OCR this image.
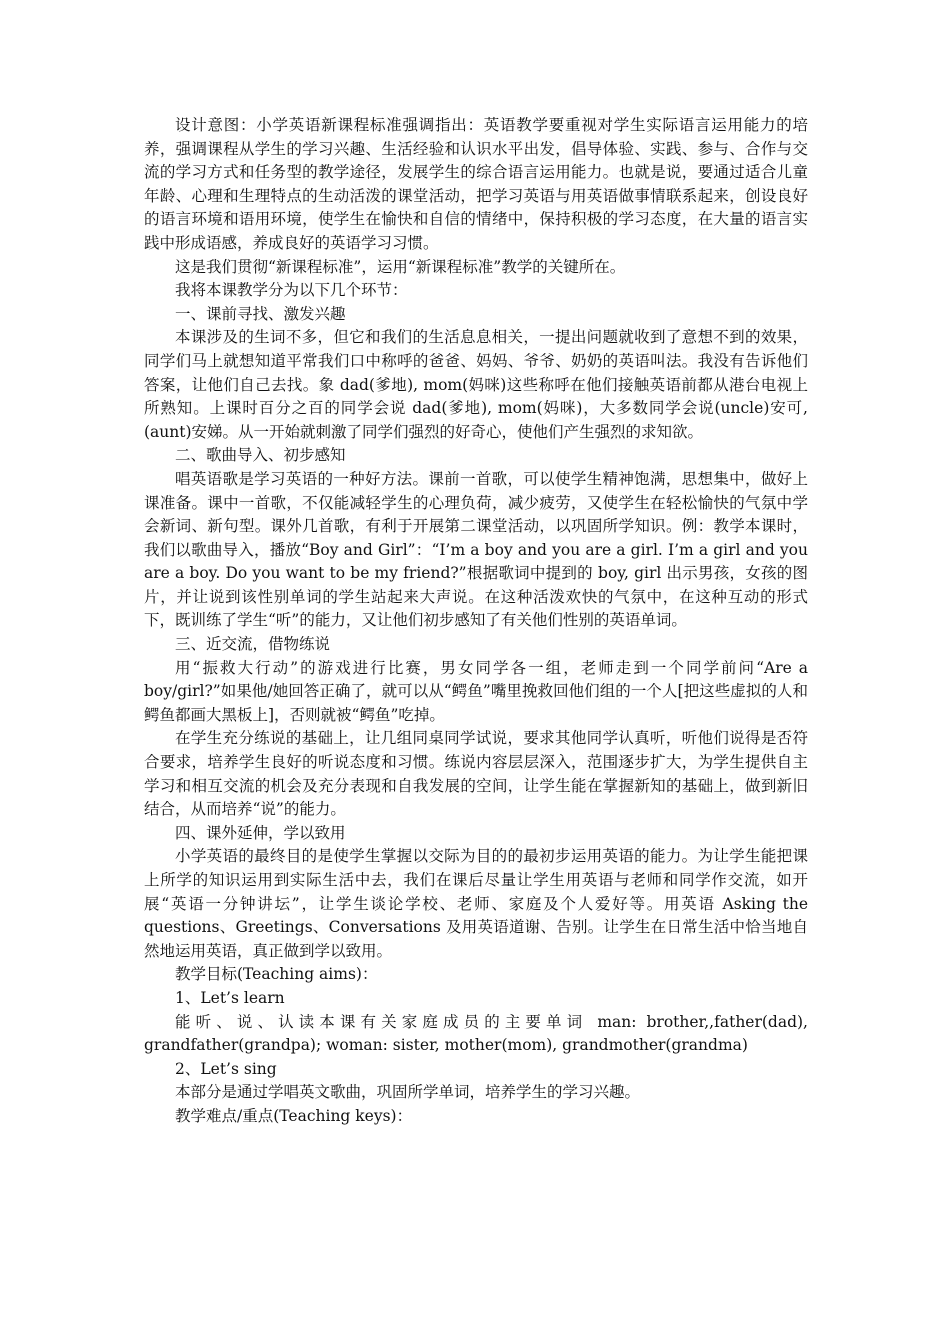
设计意图：小学英语新课程标准强调指出：英语教学要重视对学生实际语言运用能力的培养，强调课程从学生的学习兴趣、生活经验和认识水平出发，倡导体验、实践、参与、合作与交流的学习方式和任务型的教学途径，发展学生的综合语言运用能力。也就是说，要通过适合儿童年龄、心理和生理特点的生动活泼的课堂活动，把学习英语与用英语做事情联系起来，创设良好的语言环境和语用环境，使学生在愉快和自信的情绪中，保持积极的学习态度，在大量的语言实践中形成语感，养成良好的英语学习习惯。

这是我们贯彻“新课程标准”，运用“新课程标准”教学的关键所在。

我将本课教学分为以下几个环节：

一、课前寻找、激发兴趣

本课涉及的生词不多，但它和我们的生活息息相关，一提出问题就收到了意想不到的效果，同学们马上就想知道平常我们口中称呼的爸爸、妈妈、爷爷、奶奶的英语叫法。我没有告诉他们答案，让他们自己去找。象 dad(爹地), mom(妈咪)这些称呼在他们接触英语前都从港台电视上所熟知。上课时百分之百的同学会说 dad(爹地), mom(妈咪)，大多数同学会说(uncle)安可,(aunt)安娣。从一开始就刺激了同学们强烈的好奇心，使他们产生强烈的求知欲。

二、歌曲导入、初步感知

唱英语歌是学习英语的一种好方法。课前一首歌，可以使学生精神饱满，思想集中，做好上课准备。课中一首歌，不仅能减轻学生的心理负荷，减少疲劳，又使学生在轻松愉快的气氛中学会新词、新句型。课外几首歌，有利于开展第二课堂活动，以巩固所学知识。例：教学本课时，我们以歌曲导入，播放“Boy and Girl”：“I’m a boy and you are a girl. I’m a girl and you are a boy. Do you want to be my friend?”根据歌词中提到的 boy, girl 出示男孩，女孩的图片，并让说到该性别单词的学生站起来大声说。在这种活泼欢快的气氛中，在这种互动的形式下，既训练了学生“听”的能力，又让他们初步感知了有关他们性别的英语单词。

三、近交流，借物练说

用“振救大行动”的游戏进行比赛，男女同学各一组，老师走到一个同学前问“Are a boy/girl?”如果他/她回答正确了，就可以从“鳄鱼”嘴里挽救回他们组的一个人[把这些虚拟的人和鳄鱼都画大黑板上]，否则就被“鳄鱼”吃掉。

在学生充分练说的基础上，让几组同桌同学试说，要求其他同学认真听，听他们说得是否符合要求，培养学生良好的听说态度和习惯。练说内容层层深入，范围逐步扩大，为学生提供自主学习和相互交流的机会及充分表现和自我发展的空间，让学生能在掌握新知的基础上，做到新旧结合，从而培养“说”的能力。

四、课外延伸，学以致用

小学英语的最终目的是使学生掌握以交际为目的的最初步运用英语的能力。为让学生能把课上所学的知识运用到实际生活中去，我们在课后尽量让学生用英语与老师和同学作交流，如开展“英语一分钟讲坛”，让学生谈论学校、老师、家庭及个人爱好等。用英语 Asking the questions、Greetings、Conversations 及用英语道谢、告别。让学生在日常生活中恰当地自然地运用英语，真正做到学以致用。

教学目标(Teaching aims)：

1、Let’s learn

能听、说、认读本课有关家庭成员的主要单词 man: brother,,father(dad), grandfather(grandpa); woman: sister, mother(mom), grandmother(grandma)

2、Let’s sing

本部分是通过学唱英文歌曲，巩固所学单词，培养学生的学习兴趣。

教学难点/重点(Teaching keys)：
